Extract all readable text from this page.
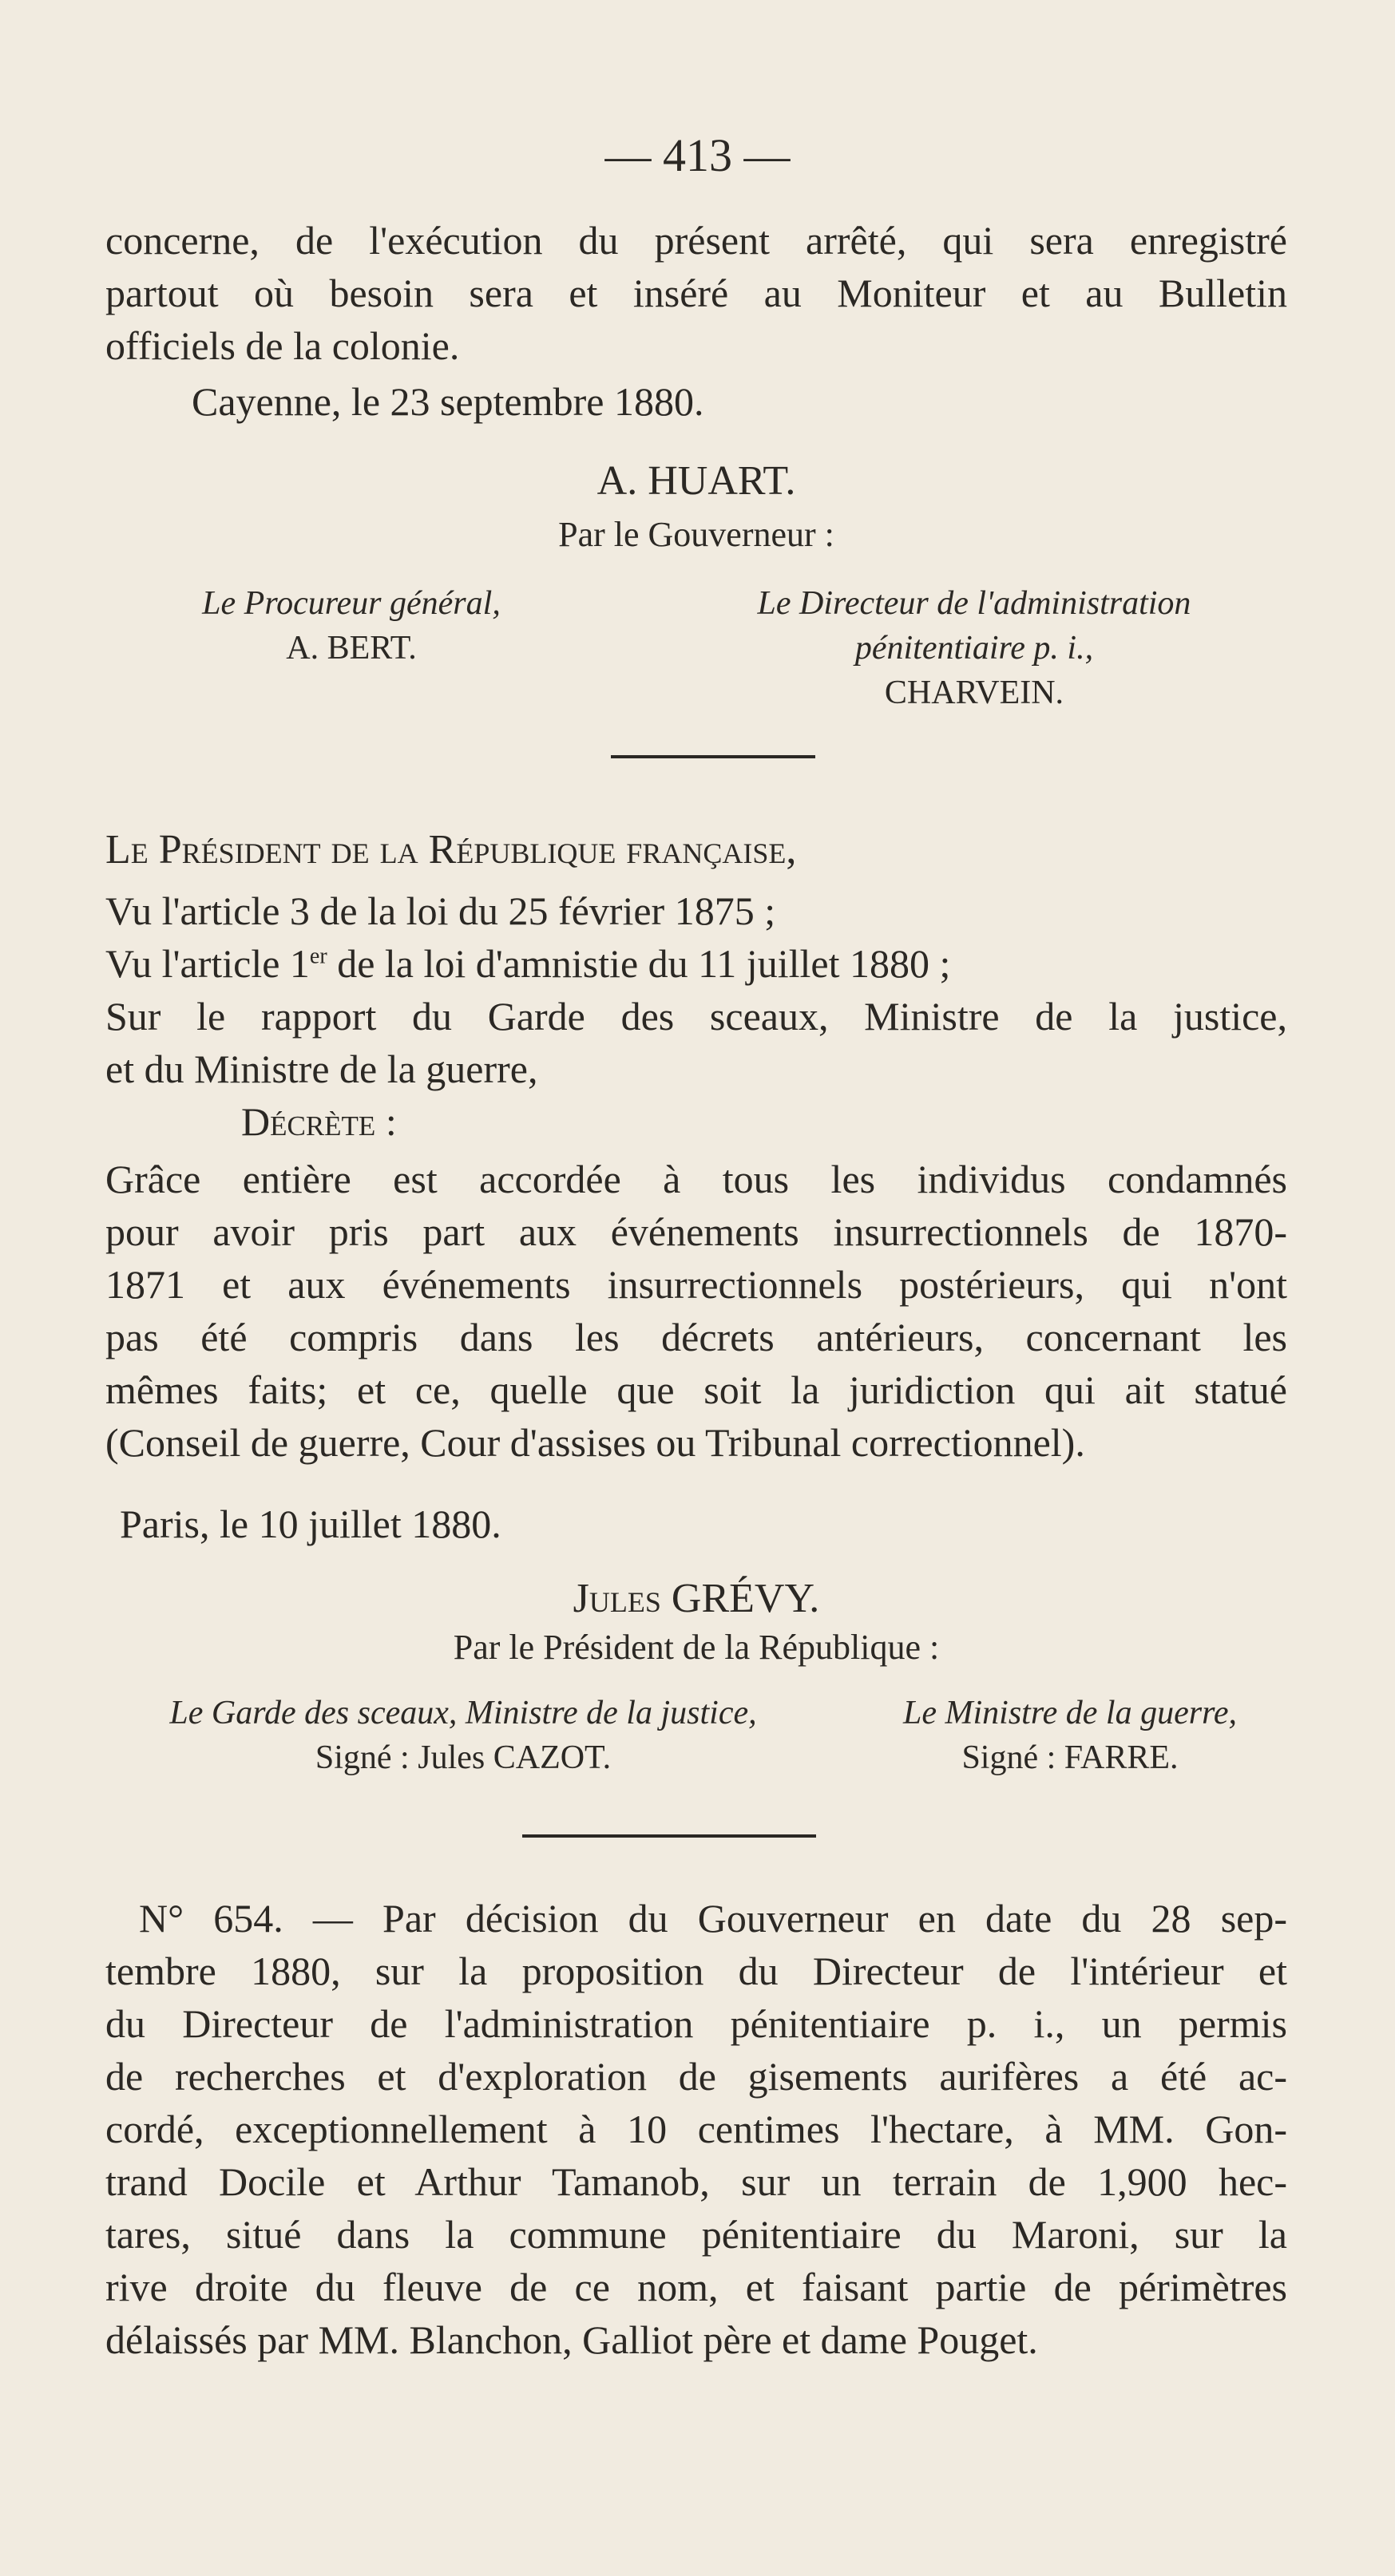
— 413 —
concerne, de l'exécution du présent arrêté, qui sera enregistré
partout où besoin sera et inséré au Moniteur et au Bulletin
officiels de la colonie.
Cayenne, le 23 septembre 1880.
A. HUART.
Par le Gouverneur :
Le Procureur général,
A. BERT.
Le Directeur de l'administration
pénitentiaire p. i.,
CHARVEIN.
Le Président de la République française,
Vu l'article 3 de la loi du 25 février 1875 ;
Vu l'article 1er de la loi d'amnistie du 11 juillet 1880 ;
Sur le rapport du Garde des sceaux, Ministre de la justice,
et du Ministre de la guerre,
Décrète :
Grâce entière est accordée à tous les individus condamnés
pour avoir pris part aux événements insurrectionnels de 1870-
1871 et aux événements insurrectionnels postérieurs, qui n'ont
pas été compris dans les décrets antérieurs, concernant les
mêmes faits; et ce, quelle que soit la juridiction qui ait statué
(Conseil de guerre, Cour d'assises ou Tribunal correctionnel).
Paris, le 10 juillet 1880.
Jules GRÉVY.
Par le Président de la République :
Le Garde des sceaux, Ministre de la justice,
Signé : Jules CAZOT.
Le Ministre de la guerre,
Signé : FARRE.
N° 654. — Par décision du Gouverneur en date du 28 sep-
tembre 1880, sur la proposition du Directeur de l'intérieur et
du Directeur de l'administration pénitentiaire p. i., un permis
de recherches et d'exploration de gisements aurifères a été ac-
cordé, exceptionnellement à 10 centimes l'hectare, à MM. Gon-
trand Docile et Arthur Tamanob, sur un terrain de 1,900 hec-
tares, situé dans la commune pénitentiaire du Maroni, sur la
rive droite du fleuve de ce nom, et faisant partie de périmètres
délaissés par MM. Blanchon, Galliot père et dame Pouget.
